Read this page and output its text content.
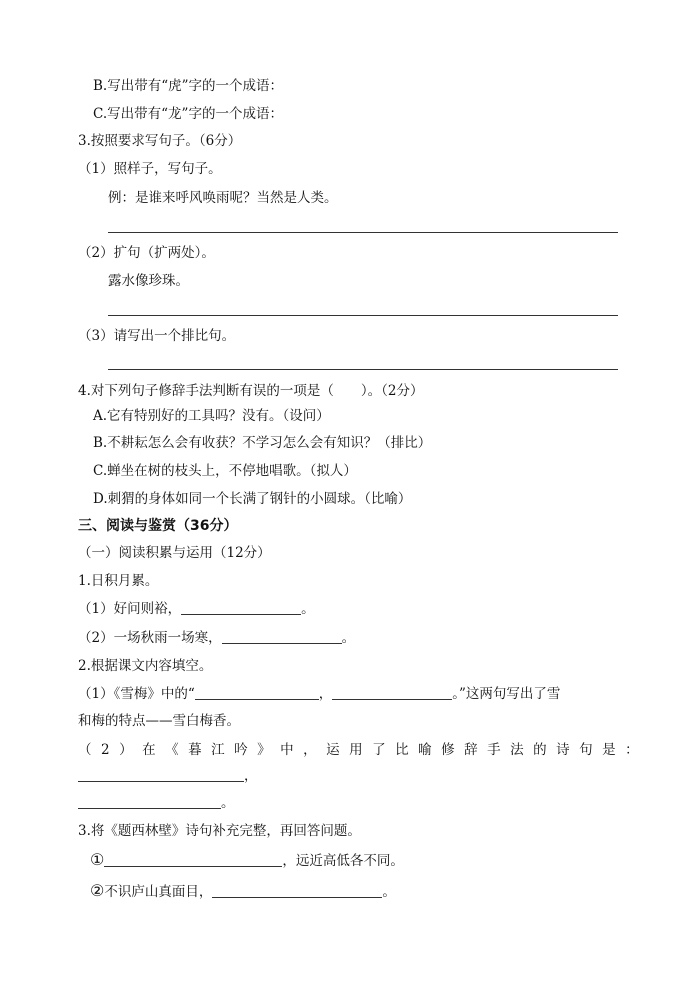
B.写出带有“虎”字的一个成语：
C.写出带有“龙”字的一个成语：
3.按照要求写句子。（6分）
（1）照样子，写句子。
例：是谁来呼风唤雨呢？当然是人类。
（2）扩句（扩两处）。
露水像珍珠。
（3）请写出一个排比句。
4.对下列句子修辞手法判断有误的一项是（　　）。（2分）
A.它有特别好的工具吗？没有。（设问）
B.不耕耘怎么会有收获？不学习怎么会有知识？（排比）
C.蝉坐在树的枝头上，不停地唱歌。（拟人）
D.刺猬的身体如同一个长满了钢针的小圆球。（比喻）
三、阅读与鉴赏（36分）
（一）阅读积累与运用（12分）
1.日积月累。
（1）好问则裕，	。
（2）一场秋雨一场寒，	。
2.根据课文内容填空。
（1）《雪梅》中的“	，	。”这两句写出了雪
和梅的特点——雪白梅香。
（2）在《暮江吟》中，运用了比喻修辞手法的诗句是：
，
。
3.将《题西林壁》诗句补充完整，再回答问题。
①	，远近高低各不同。
②不识庐山真面目，	。
